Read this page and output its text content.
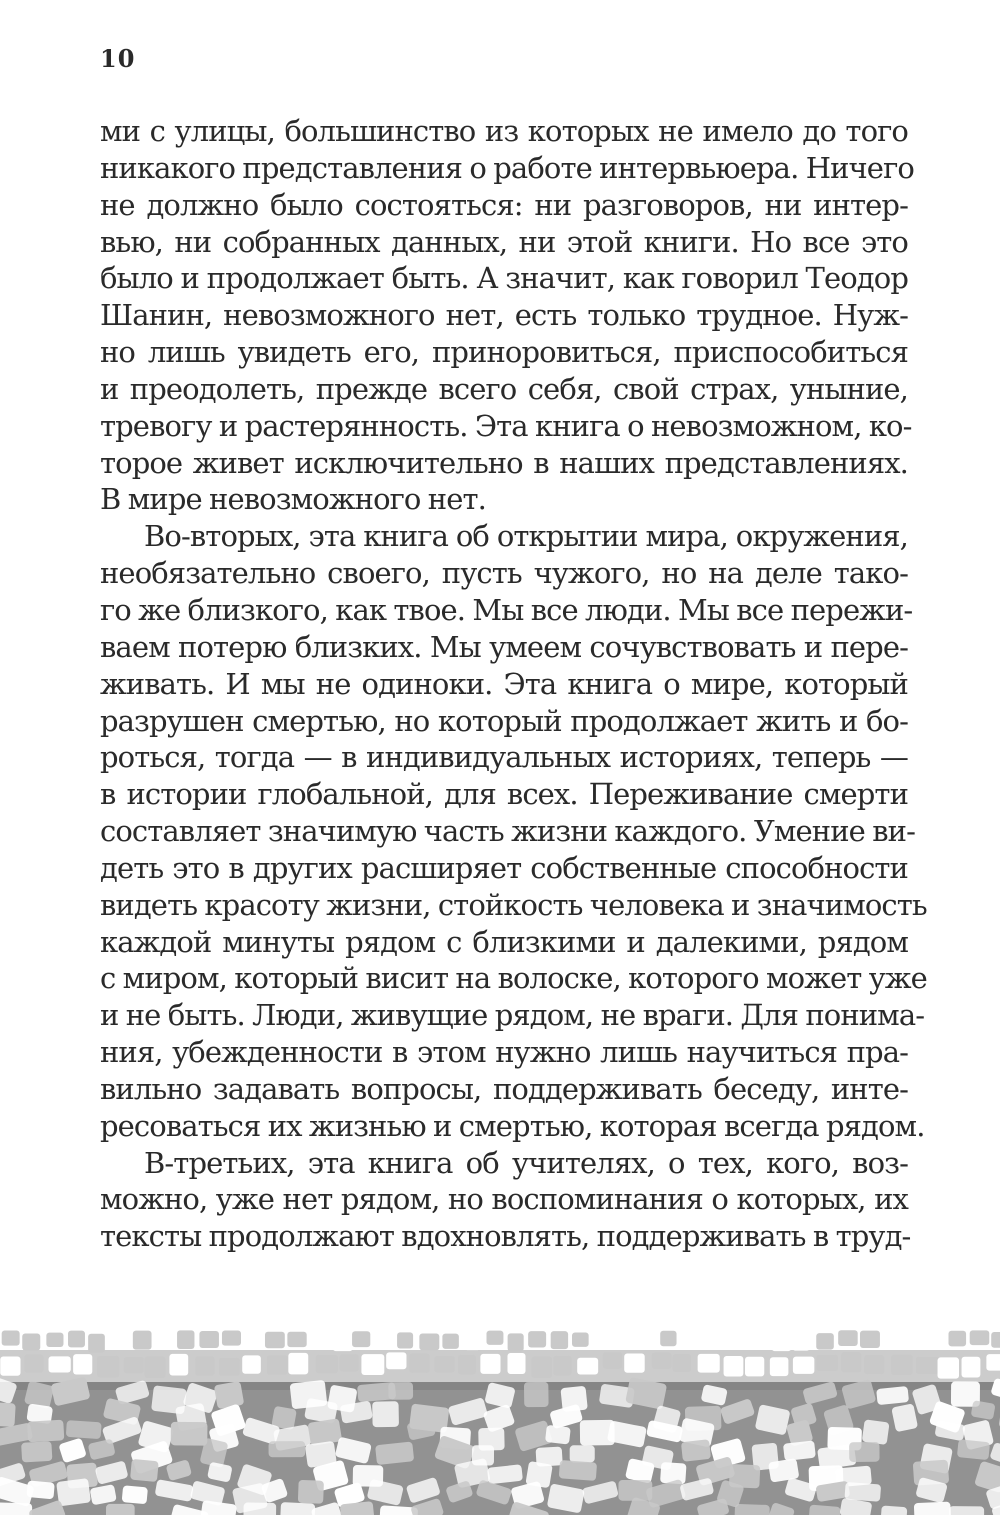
10
ми с улицы, большинство из которых не имело до того
никакого представления о работе интервьюера. Ничего
не должно было состояться: ни разговоров, ни интер-
вью, ни собранных данных, ни этой книги. Но все это
было и продолжает быть. А значит, как говорил Теодор
Шанин, невозможного нет, есть только трудное. Нуж-
но лишь увидеть его, приноровиться, приспособиться
и преодолеть, прежде всего себя, свой страх, уныние,
тревогу и растерянность. Эта книга о невозможном, ко-
торое живет исключительно в наших представлениях.
В мире невозможного нет.
Во-вторых, эта книга об открытии мира, окружения,
необязательно своего, пусть чужого, но на деле тако-
го же близкого, как твое. Мы все люди. Мы все пережи-
ваем потерю близких. Мы умеем сочувствовать и пере-
живать. И мы не одиноки. Эта книга о мире, который
разрушен смертью, но который продолжает жить и бо-
роться, тогда — в индивидуальных историях, теперь —
в истории глобальной, для всех. Переживание смерти
составляет значимую часть жизни каждого. Умение ви-
деть это в других расширяет собственные способности
видеть красоту жизни, стойкость человека и значимость
каждой минуты рядом с близкими и далекими, рядом
с миром, который висит на волоске, которого может уже
и не быть. Люди, живущие рядом, не враги. Для понима-
ния, убежденности в этом нужно лишь научиться пра-
вильно задавать вопросы, поддерживать беседу, инте-
ресоваться их жизнью и смертью, которая всегда рядом.
В-третьих, эта книга об учителях, о тех, кого, воз-
можно, уже нет рядом, но воспоминания о которых, их
тексты продолжают вдохновлять, поддерживать в труд-
